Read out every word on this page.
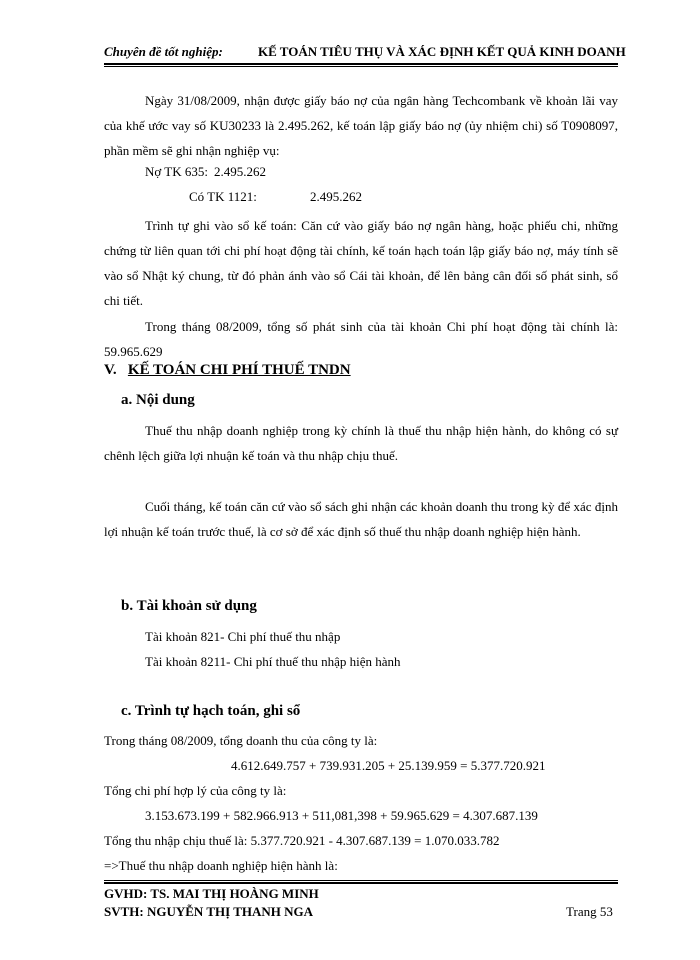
Chuyên đề tốt nghiệp:	KẾ TOÁN TIÊU THỤ VÀ XÁC ĐỊNH KẾT QUẢ KINH DOANH
Ngày 31/08/2009, nhận được giấy báo nợ của ngân hàng Techcombank về khoản lãi vay của khế ước vay số KU30233 là 2.495.262, kế toán lập giấy báo nợ (ủy nhiệm chi) số T0908097, phần mềm sẽ ghi nhận nghiệp vụ:
Nợ TK 635: 2.495.262
Có TK 1121:	2.495.262
Trình tự ghi vào sổ kế toán: Căn cứ vào giấy báo nợ ngân hàng, hoặc phiếu chi, những chứng từ liên quan tới chi phí hoạt động tài chính, kế toán hạch toán lập giấy báo nợ, máy tính sẽ vào sổ Nhật ký chung, từ đó phản ánh vào sổ Cái tài khoản, để lên bảng cân đối số phát sinh, sổ chi tiết.
Trong tháng 08/2009, tổng số phát sinh của tài khoản Chi phí hoạt động tài chính là: 59.965.629
V. KẾ TOÁN CHI PHÍ THUẾ TNDN
a. Nội dung
Thuế thu nhập doanh nghiệp trong kỳ chính là thuế thu nhập hiện hành, do không có sự chênh lệch giữa lợi nhuận kế toán và thu nhập chịu thuế.
Cuối tháng, kế toán căn cứ vào sổ sách ghi nhận các khoản doanh thu trong kỳ để xác định lợi nhuận kế toán trước thuế, là cơ sở để xác định số thuế thu nhập doanh nghiệp hiện hành.
b. Tài khoản sử dụng
Tài khoản 821- Chi phí thuế thu nhập
Tài khoản 8211- Chi phí thuế thu nhập hiện hành
c. Trình tự hạch toán, ghi sổ
Trong tháng 08/2009, tổng doanh thu của công ty là:
4.612.649.757 + 739.931.205 + 25.139.959 = 5.377.720.921
Tổng chi phí hợp lý của công ty là:
3.153.673.199 + 582.966.913 + 511,081,398 + 59.965.629 = 4.307.687.139
Tổng thu nhập chịu thuế là: 5.377.720.921 - 4.307.687.139 = 1.070.033.782
=>Thuế thu nhập doanh nghiệp hiện hành là:
GVHD: TS. MAI THỊ HOÀNG MINH
SVTH: NGUYỄN THỊ THANH NGA	Trang 53
